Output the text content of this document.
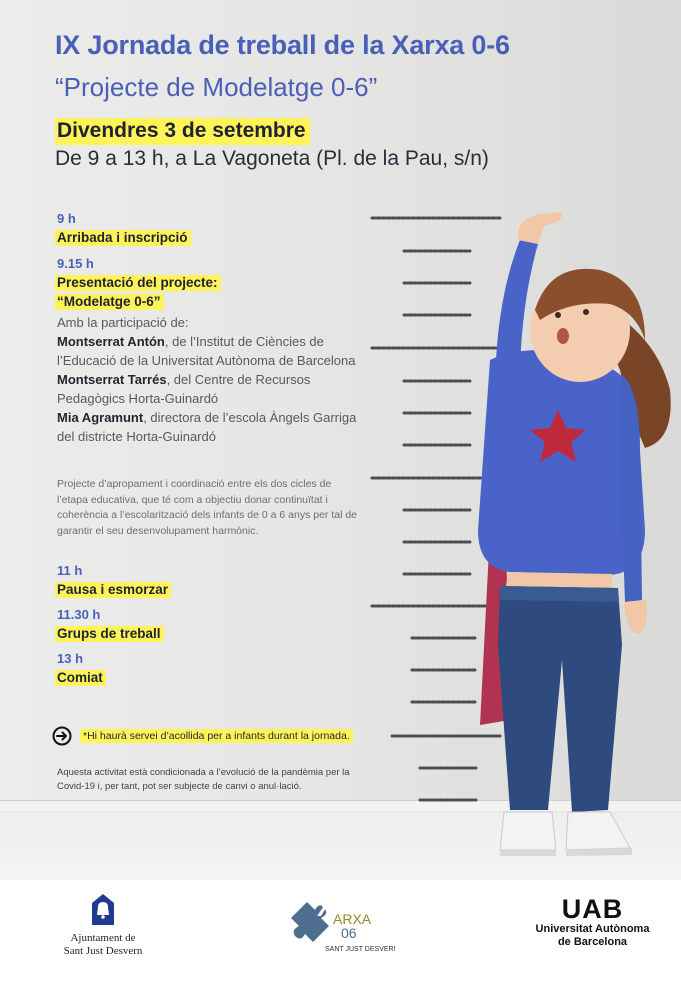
IX Jornada de treball de la Xarxa 0-6
“Projecte de Modelatge 0-6”
Divendres 3 de setembre
De 9 a 13 h, a La Vagoneta (Pl. de la Pau, s/n)
9 h
Arribada i inscripció
9.15 h
Presentació del projecte:
“Modelatge 0-6”
Amb la participació de:
Montserrat Antón, de l’Institut de Ciències de l’Educació de la Universitat Autònoma de Barcelona
Montserrat Tarrés, del Centre de Recursos Pedagògics Horta-Guinardó
Mia Agramunt, directora de l’escola Àngels Garriga del districte Horta-Guinardó
Projecte d’apropament i coordinació entre els dos cicles de l’etapa educativa, que té com a objectiu donar continuïtat i coherència a l’escolarització dels infants de 0 a 6 anys per tal de garantir el seu desenvolupament harmònic.
11 h
Pausa i esmorzar
11.30 h
Grups de treball
13 h
Comiat
*Hi haurà servei d’acollida per a infants durant la jornada.
Aquesta activitat està condicionada a l’evolució de la pandèmia per la Covid-19 i, per tant, pot ser subjecte de canvi o anul·lació.
Ajuntament de
Sant Just Desvern
X ARXA
06
SANT JUST DESVERN
UAB
Universitat Autònoma
de Barcelona
